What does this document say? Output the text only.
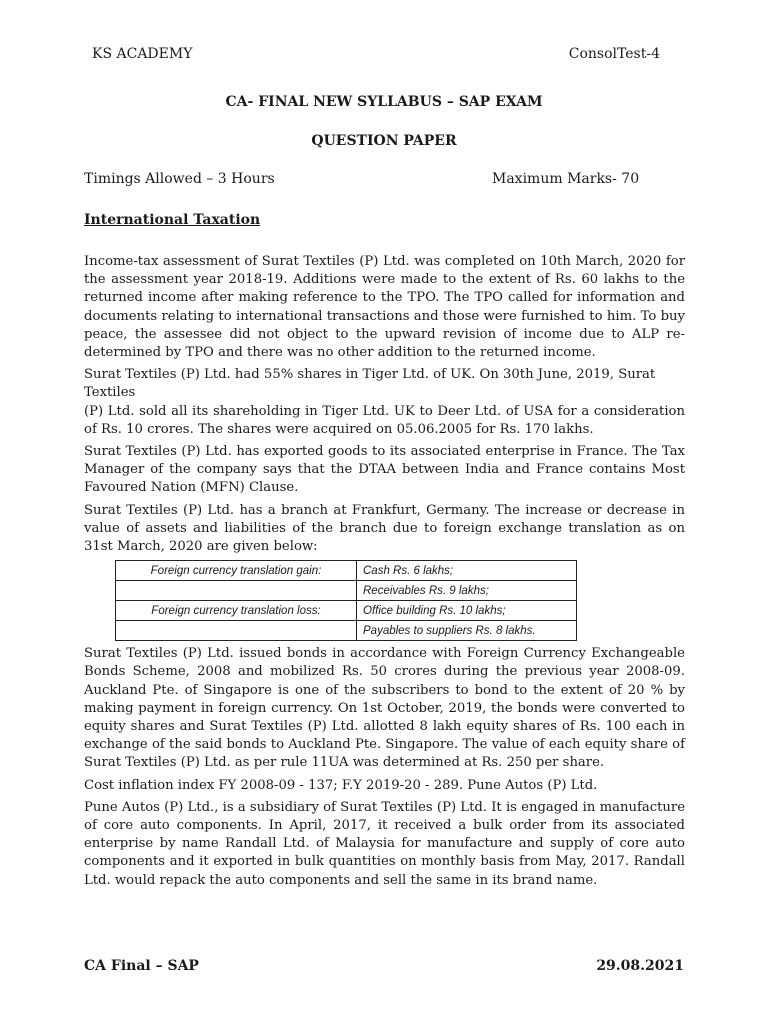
KS ACADEMY	ConsolTest-4
CA- FINAL NEW SYLLABUS – SAP EXAM
QUESTION PAPER
Timings Allowed – 3 Hours	Maximum Marks- 70
International Taxation

Income-tax assessment of Surat Textiles (P) Ltd. was completed on 10th March, 2020 for the assessment year 2018-19. Additions were made to the extent of Rs. 60 lakhs to the returned income after making reference to the TPO. The TPO called for information and documents relating to international transactions and those were furnished to him. To buy peace, the assessee did not object to the upward revision of income due to ALP re-determined by TPO and there was no other addition to the returned income.

Surat Textiles (P) Ltd. had 55% shares in Tiger Ltd. of UK. On 30th June, 2019, Surat Textiles

(P) Ltd. sold all its shareholding in Tiger Ltd. UK to Deer Ltd. of USA for a consideration of Rs. 10 crores. The shares were acquired on 05.06.2005 for Rs. 170 lakhs.

Surat Textiles (P) Ltd. has exported goods to its associated enterprise in France. The Tax Manager of the company says that the DTAA between India and France contains Most Favoured Nation (MFN) Clause.

Surat Textiles (P) Ltd. has a branch at Frankfurt, Germany. The increase or decrease in value of assets and liabilities of the branch due to foreign exchange translation as on 31st March, 2020 are given below:

Foreign currency translation gain:	Cash Rs. 6 lakhs;
	Receivables Rs. 9 lakhs;
Foreign currency translation loss:	Office building Rs. 10 lakhs;
	Payables to suppliers Rs. 8 lakhs.

Surat Textiles (P) Ltd. issued bonds in accordance with Foreign Currency Exchangeable Bonds Scheme, 2008 and mobilized Rs. 50 crores during the previous year 2008-09. Auckland Pte. of Singapore is one of the subscribers to bond to the extent of 20 % by making payment in foreign currency. On 1st October, 2019, the bonds were converted to equity shares and Surat Textiles (P) Ltd. allotted 8 lakh equity shares of Rs. 100 each in exchange of the said bonds to Auckland Pte. Singapore. The value of each equity share of Surat Textiles (P) Ltd. as per rule 11UA was determined at Rs. 250 per share.

Cost inflation index FY 2008-09 - 137; F.Y 2019-20 - 289. Pune Autos (P) Ltd.

Pune Autos (P) Ltd., is a subsidiary of Surat Textiles (P) Ltd. It is engaged in manufacture of core auto components. In April, 2017, it received a bulk order from its associated enterprise by name Randall Ltd. of Malaysia for manufacture and supply of core auto components and it exported in bulk quantities on monthly basis from May, 2017. Randall Ltd. would repack the auto components and sell the same in its brand name.

CA Final – SAP	29.08.2021
